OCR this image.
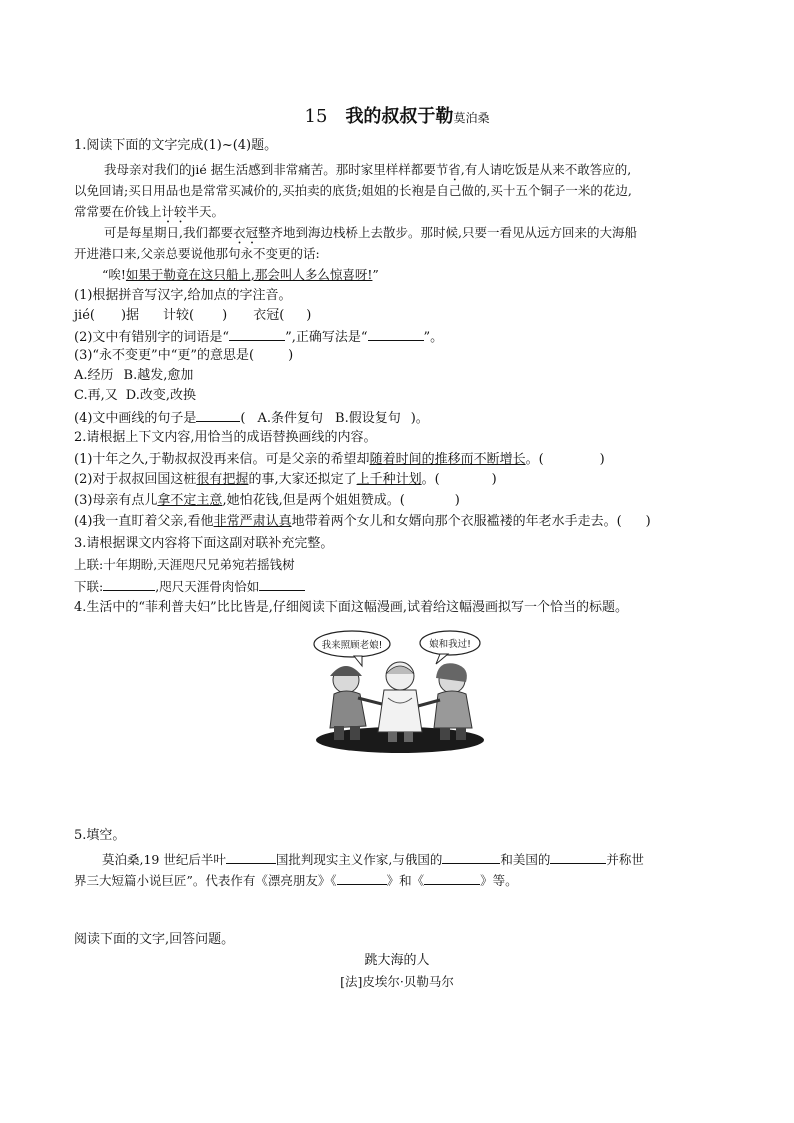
15 我的叔叔于勒莫泊桑
1.阅读下面的文字完成(1)~(4)题。
我母亲对我们的jié 据生活感到非常痛苦。那时家里样样都要节省,有人请吃饭是从来不敢答应的,
以免回请;买日用品也是常常买减价的,买拍卖的底货;姐姐的长袍是自己做的,买十五个铜子一米的花边,
常常要在价钱上计较半天。
可是每星期日,我们都要衣冠整齐地到海边栈桥上去散步。那时候,只要一看见从远方回来的大海船
开进港口来,父亲总要说他那句永不变更的话:
“唉!如果于勒竟在这只船上,那会叫人多么惊喜呀!”
(1)根据拼音写汉字,给加点的字注音。
jié( )据 计较( ) 衣冠( )
(2)文中有错别字的词语是“	”,正确写法是“	”。
(3)“永不变更”中“更”的意思是(	)
A.经历 B.越发,愈加
C.再,又 D.改变,改换
(4)文中画线的句子是	( A.条件复句 B.假设复句 )。
2.请根据上下文内容,用恰当的成语替换画线的内容。
(1)十年之久,于勒叔叔没再来信。可是父亲的希望却随着时间的推移而不断增长。(	)
(2)对于叔叔回国这桩很有把握的事,大家还拟定了上千种计划。(	)
(3)母亲有点儿拿不定主意,她怕花钱,但是两个姐姐赞成。(	)
(4)我一直盯着父亲,看他非常严肃认真地带着两个女儿和女婿向那个衣服褴褛的年老水手走去。( )
3.请根据课文内容将下面这副对联补充完整。
上联:十年期盼,天涯咫尺兄弟宛若摇钱树
下联:	,咫尺天涯骨肉恰如
4.生活中的“菲利普夫妇”比比皆是,仔细阅读下面这幅漫画,试着给这幅漫画拟写一个恰当的标题。
我来照顾老娘!	娘和我过!
5.填空。
莫泊桑,19 世纪后半叶	国批判现实主义作家,与俄国的	和美国的	并称世
界三大短篇小说巨匠”。代表作有《漂亮朋友》《	》和《	》等。
阅读下面的文字,回答问题。
跳大海的人
[法]皮埃尔·贝勒马尔
